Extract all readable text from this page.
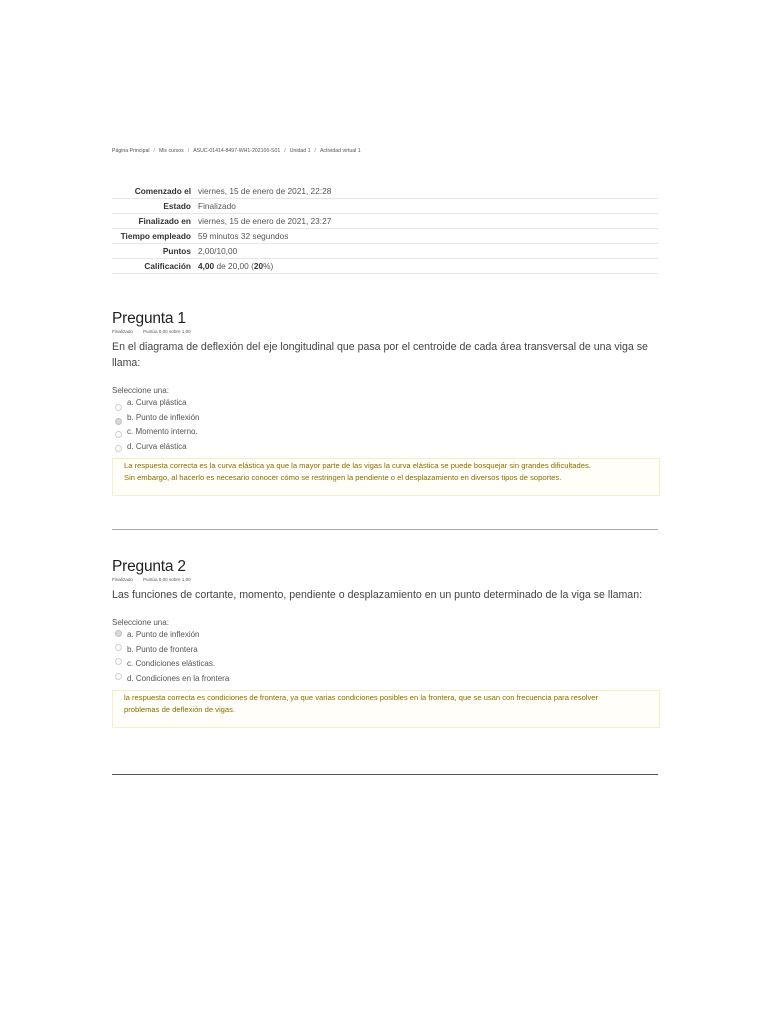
Página Principal / Mis cursos / ASUC-01414-8497-WH1-202100-S01 / Unidad 1 / Actividad virtual 1
Comenzado el	viernes, 15 de enero de 2021, 22:28
Estado	Finalizado
Finalizado en	viernes, 15 de enero de 2021, 23:27
Tiempo empleado	59 minutos 32 segundos
Puntos	2,00/10,00
Calificación	4,00 de 20,00 (20%)
Pregunta 1
Finalizado Puntúa 0,00 sobre 1,00
En el diagrama de deflexión del eje longitudinal que pasa por el centroide de cada área transversal de una viga se llama:
Seleccione una:
a. Curva plástica
b. Punto de inflexión
c. Momento interno.
d. Curva elástica
La respuesta correcta es la curva elástica ya que la mayor parte de las vigas la curva elástica se puede bosquejar sin grandes dificultades.
Sin embargo, al hacerlo es necesario conocer cómo se restringen la pendiente o el desplazamiento en diversos tipos de soportes.
Pregunta 2
Finalizado Puntúa 0,00 sobre 1,00
Las funciones de cortante, momento, pendiente o desplazamiento en un punto determinado de la viga se llaman:
Seleccione una:
a. Punto de inflexión
b. Punto de frontera
c. Condiciones elásticas.
d. Condiciones en la frontera
la respuesta correcta es condiciones de frontera, ya que varias condiciones posibles en la frontera, que se usan con frecuencia para resolver
problemas de deflexión de vigas.
